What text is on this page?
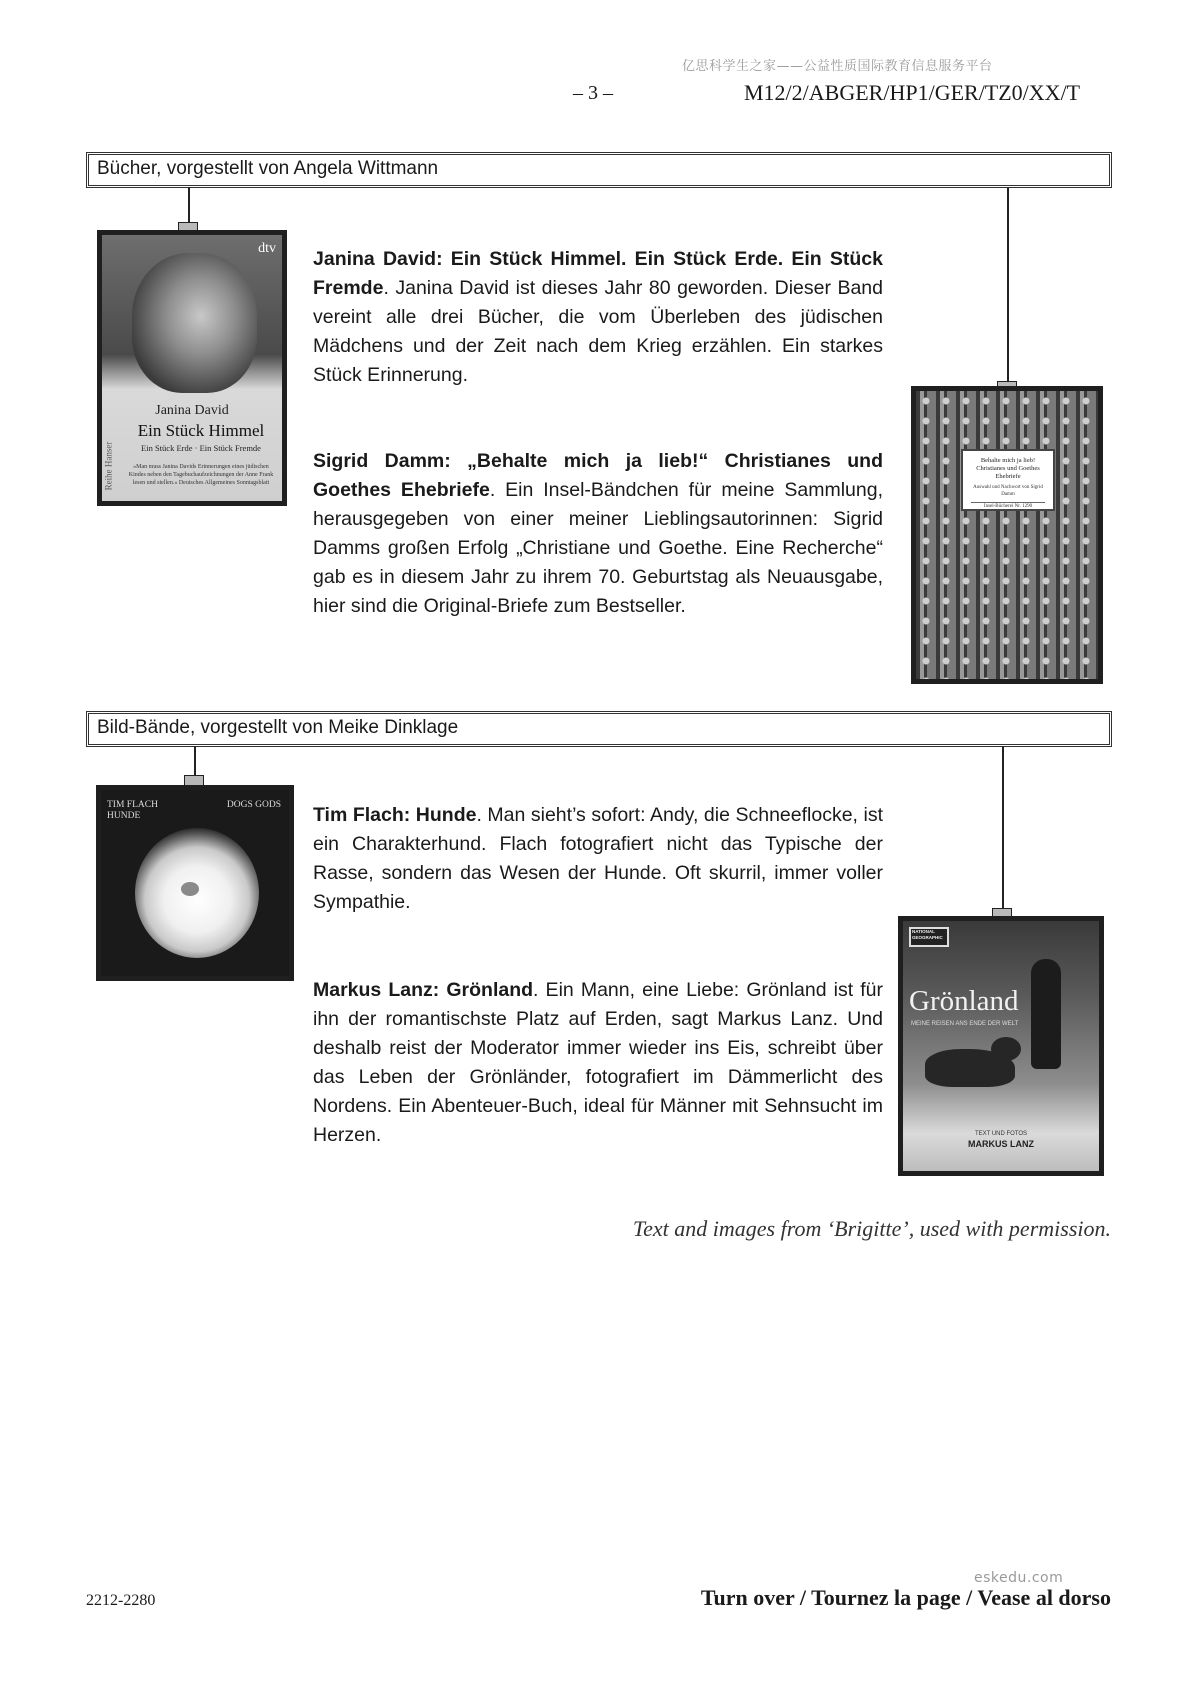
亿思科学生之家——公益性质国际教育信息服务平台
– 3 –	M12/2/ABGER/HP1/GER/TZ0/XX/T
Bücher, vorgestellt von Angela Wittmann
dtv
Janina David
Ein Stück Himmel
Ein Stück Erde · Ein Stück Fremde
Reihe Hanser	»Man muss Janina Davids Erinnerungen eines jüdischen Kindes neben den Tagebuchaufzeichnungen der Anne Frank lesen und stellen.« Deutsches Allgemeines Sonntagsblatt
Janina David: Ein Stück Himmel. Ein Stück Erde. Ein Stück Fremde. Janina David ist dieses Jahr 80 geworden. Dieser Band vereint alle drei Bücher, die vom Überleben des jüdischen Mädchens und der Zeit nach dem Krieg erzählen. Ein starkes Stück Erinnerung.
Sigrid Damm: „Behalte mich ja lieb!“ Christianes und Goethes Ehebriefe. Ein Insel-Bändchen für meine Sammlung, herausgegeben von einer meiner Lieblingsautorinnen: Sigrid Damms großen Erfolg „Christiane und Goethe. Eine Recherche“ gab es in diesem Jahr zu ihrem 70. Geburtstag als Neuausgabe, hier sind die Original-Briefe zum Bestseller.
Behalte mich ja lieb! Christianes und Goethes Ehebriefe
Auswahl und Nachwort von Sigrid Damm
Insel-Bücherei Nr. 1290
Bild-Bände, vorgestellt von Meike Dinklage
TIM FLACH
HUNDE
DOGS GODS Tim Flach: Hunde. Man sieht’s sofort: Andy, die Schneeflocke, ist ein Charakterhund. Flach fotografiert nicht das Typische der Rasse, sondern das Wesen der Hunde. Oft skurril, immer voller Sympathie.
Markus Lanz: Grönland. Ein Mann, eine Liebe: Grönland ist für ihn der romantischste Platz auf Erden, sagt Markus Lanz. Und deshalb reist der Moderator immer wieder ins Eis, schreibt über das Leben der Grönländer, fotografiert im Dämmerlicht des Nordens. Ein Abenteuer-Buch, ideal für Männer mit Sehnsucht im Herzen.
NATIONAL GEOGRAPHIC
Grönland
MEINE REISEN ANS ENDE DER WELT
TEXT UND FOTOS
MARKUS LANZ
Text and images from ‘Brigitte’, used with permission.
2212-2280
eskedu.com
Turn over / Tournez la page / Vease al dorso
